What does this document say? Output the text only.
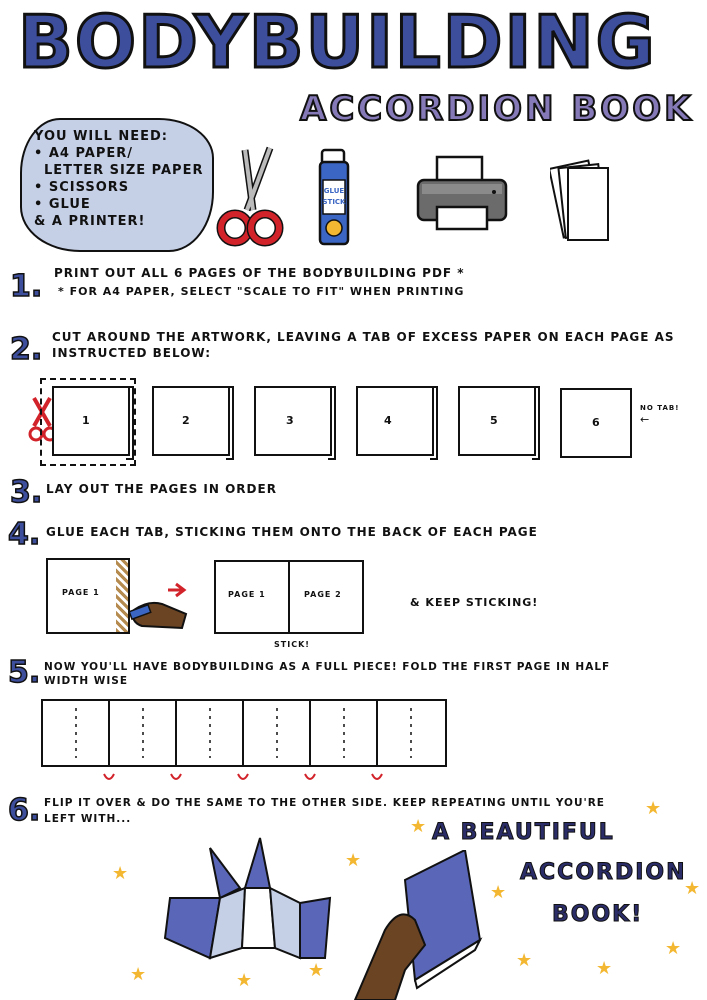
BODYBUILDING
ACCORDION BOOK
YOU WILL NEED:
• A4 PAPER/
LETTER SIZE PAPER
• SCISSORS
• GLUE
& A PRINTER!
GLUE
STICK
1. PRINT OUT ALL 6 PAGES OF THE BODYBUILDING PDF *
* FOR A4 PAPER, SELECT "SCALE TO FIT" WHEN PRINTING
2. CUT AROUND THE ARTWORK, LEAVING A TAB OF EXCESS PAPER ON EACH PAGE AS
INSTRUCTED BELOW:
1	2	3	4	5	6
NO TAB!
←
3. LAY OUT THE PAGES IN ORDER
4. GLUE EACH TAB, STICKING THEM ONTO THE BACK OF EACH PAGE
PAGE 1	PAGE 1	PAGE 2
STICK!
& KEEP STICKING!
5. NOW YOU'LL HAVE BODYBUILDING AS A FULL PIECE! FOLD THE FIRST PAGE IN HALF
WIDTH WISE
6. FLIP IT OVER & DO THE SAME TO THE OTHER SIDE. KEEP REPEATING UNTIL YOU'RE
LEFT WITH...
A BEAUTIFUL
ACCORDION
BOOK!
★
★
★
★
★	★
★
★	★
★	★	★
